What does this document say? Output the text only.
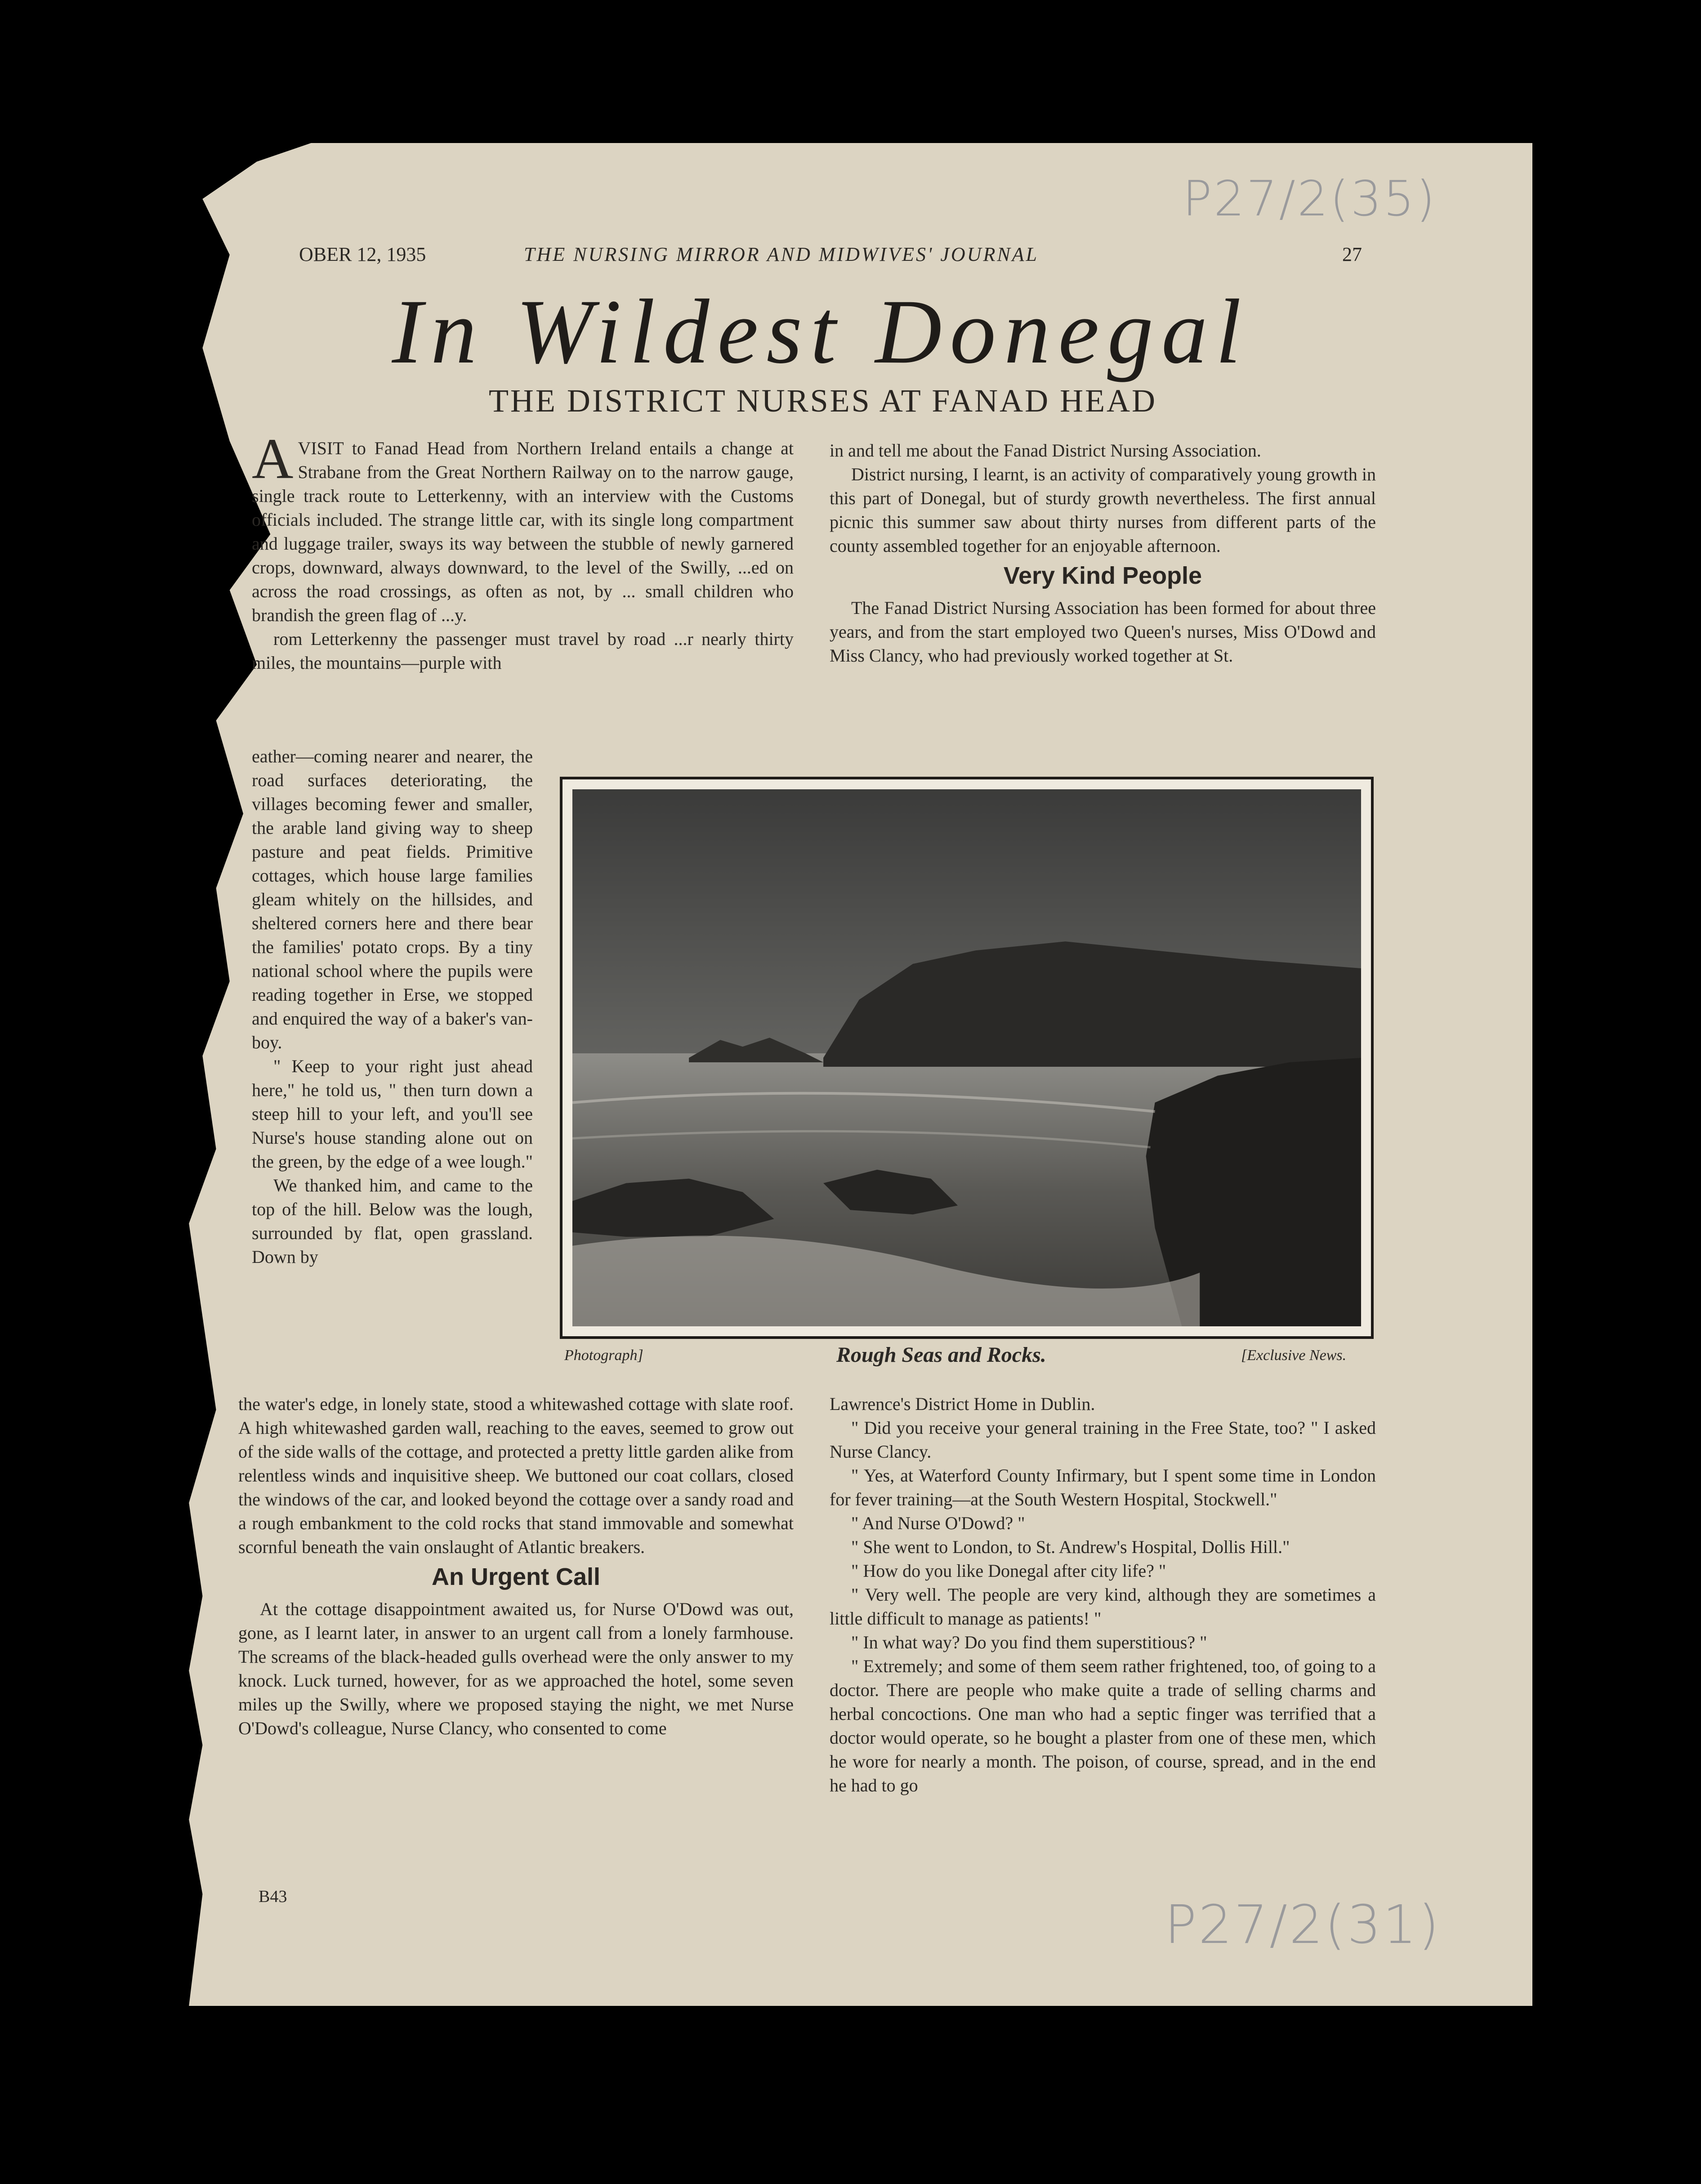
OBER 12, 1935	THE NURSING MIRROR AND MIDWIVES' JOURNAL	27
In Wildest Donegal
THE DISTRICT NURSES AT FANAD HEAD

AVISIT to Fanad Head from Northern Ireland entails a change at Strabane from the Great Northern Railway on to the narrow gauge, single track route to Letterkenny, with an interview with the Customs officials included. The strange little car, with its single long compartment and luggage trailer, sways its way between the stubble of newly garnered crops, downward, always downward, to the level of the Swilly, ...ed on across the road crossings, as often as not, by ... small children who brandish the green flag of ...y.

rom Letterkenny the passenger must travel by road ...r nearly thirty miles, the mountains—purple with

eather—coming nearer and nearer, the road surfaces deteriorating, the villages becoming fewer and smaller, the arable land giving way to sheep pasture and peat fields. Primitive cottages, which house large families gleam whitely on the hillsides, and sheltered corners here and there bear the families' potato crops. By a tiny national school where the pupils were reading together in Erse, we stopped and enquired the way of a baker's van-boy.

" Keep to your right just ahead here," he told us, " then turn down a steep hill to your left, and you'll see Nurse's house standing alone out on the green, by the edge of a wee lough."

We thanked him, and came to the top of the hill. Below was the lough, surrounded by flat, open grassland. Down by

the water's edge, in lonely state, stood a whitewashed cottage with slate roof. A high whitewashed garden wall, reaching to the eaves, seemed to grow out of the side walls of the cottage, and protected a pretty little garden alike from relentless winds and inquisitive sheep. We buttoned our coat collars, closed the windows of the car, and looked beyond the cottage over a sandy road and a rough embankment to the cold rocks that stand immovable and somewhat scornful beneath the vain onslaught of Atlantic breakers.

An Urgent Call

At the cottage disappointment awaited us, for Nurse O'Dowd was out, gone, as I learnt later, in answer to an urgent call from a lonely farmhouse. The screams of the black-headed gulls overhead were the only answer to my knock. Luck turned, however, for as we approached the hotel, some seven miles up the Swilly, where we proposed staying the night, we met Nurse O'Dowd's colleague, Nurse Clancy, who consented to come

in and tell me about the Fanad District Nursing Association.

District nursing, I learnt, is an activity of comparatively young growth in this part of Donegal, but of sturdy growth nevertheless. The first annual picnic this summer saw about thirty nurses from different parts of the county assembled together for an enjoyable afternoon.

Very Kind People

The Fanad District Nursing Association has been formed for about three years, and from the start employed two Queen's nurses, Miss O'Dowd and Miss Clancy, who had previously worked together at St.

Photograph]	Rough Seas and Rocks.	[Exclusive News.

Lawrence's District Home in Dublin.

" Did you receive your general training in the Free State, too? " I asked Nurse Clancy.

" Yes, at Waterford County Infirmary, but I spent some time in London for fever training—at the South Western Hospital, Stockwell."

" And Nurse O'Dowd? "

" She went to London, to St. Andrew's Hospital, Dollis Hill."

" How do you like Donegal after city life? "

" Very well. The people are very kind, although they are sometimes a little difficult to manage as patients! "

" In what way? Do you find them superstitious? "

" Extremely; and some of them seem rather frightened, too, of going to a doctor. There are people who make quite a trade of selling charms and herbal concoctions. One man who had a septic finger was terrified that a doctor would operate, so he bought a plaster from one of these men, which he wore for nearly a month. The poison, of course, spread, and in the end he had to go

B43
P27/2(35)
P27/2(31)
